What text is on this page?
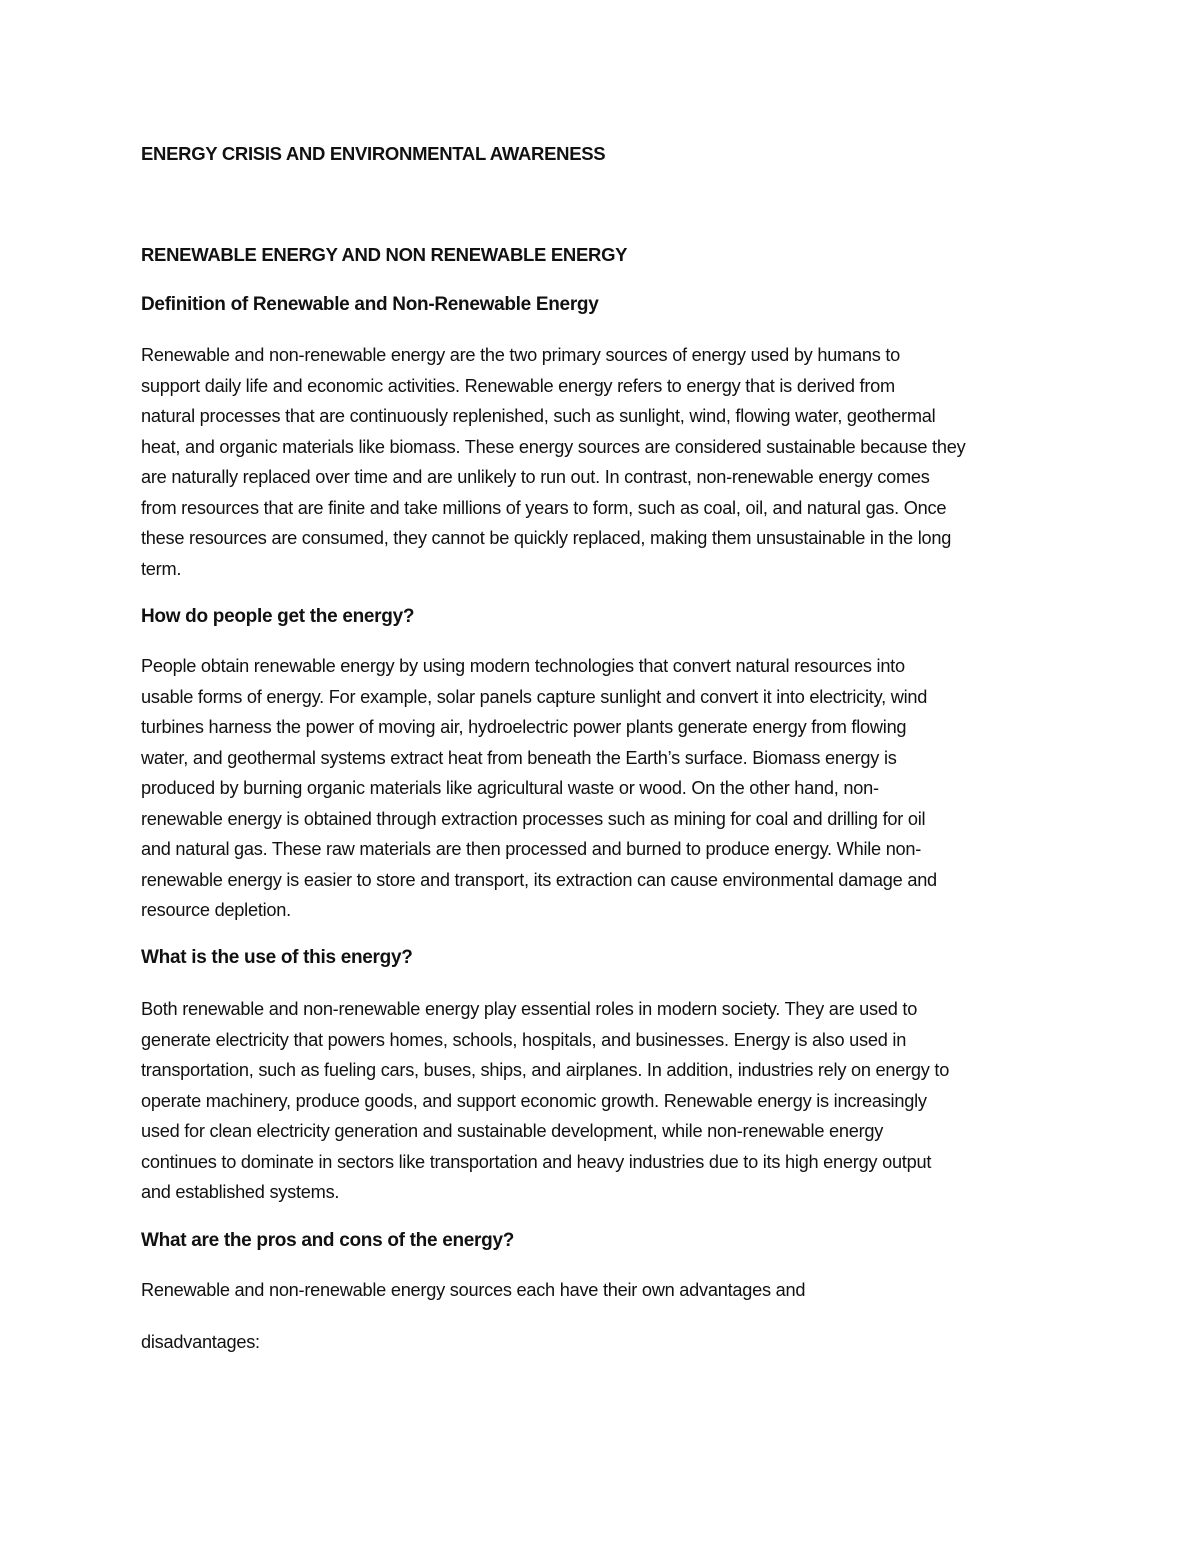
ENERGY CRISIS AND ENVIRONMENTAL AWARENESS

RENEWABLE ENERGY AND NON RENEWABLE ENERGY

Definition of Renewable and Non-Renewable Energy

Renewable and non-renewable energy are the two primary sources of energy used by humans to
support daily life and economic activities. Renewable energy refers to energy that is derived from
natural processes that are continuously replenished, such as sunlight, wind, flowing water, geothermal
heat, and organic materials like biomass. These energy sources are considered sustainable because they
are naturally replaced over time and are unlikely to run out. In contrast, non-renewable energy comes
from resources that are finite and take millions of years to form, such as coal, oil, and natural gas. Once
these resources are consumed, they cannot be quickly replaced, making them unsustainable in the long
term.

How do people get the energy?

People obtain renewable energy by using modern technologies that convert natural resources into
usable forms of energy. For example, solar panels capture sunlight and convert it into electricity, wind
turbines harness the power of moving air, hydroelectric power plants generate energy from flowing
water, and geothermal systems extract heat from beneath the Earth’s surface. Biomass energy is
produced by burning organic materials like agricultural waste or wood. On the other hand, non-
renewable energy is obtained through extraction processes such as mining for coal and drilling for oil
and natural gas. These raw materials are then processed and burned to produce energy. While non-
renewable energy is easier to store and transport, its extraction can cause environmental damage and
resource depletion.

What is the use of this energy?

Both renewable and non-renewable energy play essential roles in modern society. They are used to
generate electricity that powers homes, schools, hospitals, and businesses. Energy is also used in
transportation, such as fueling cars, buses, ships, and airplanes. In addition, industries rely on energy to
operate machinery, produce goods, and support economic growth. Renewable energy is increasingly
used for clean electricity generation and sustainable development, while non-renewable energy
continues to dominate in sectors like transportation and heavy industries due to its high energy output
and established systems.

What are the pros and cons of the energy?

Renewable and non-renewable energy sources each have their own advantages and
disadvantages:
